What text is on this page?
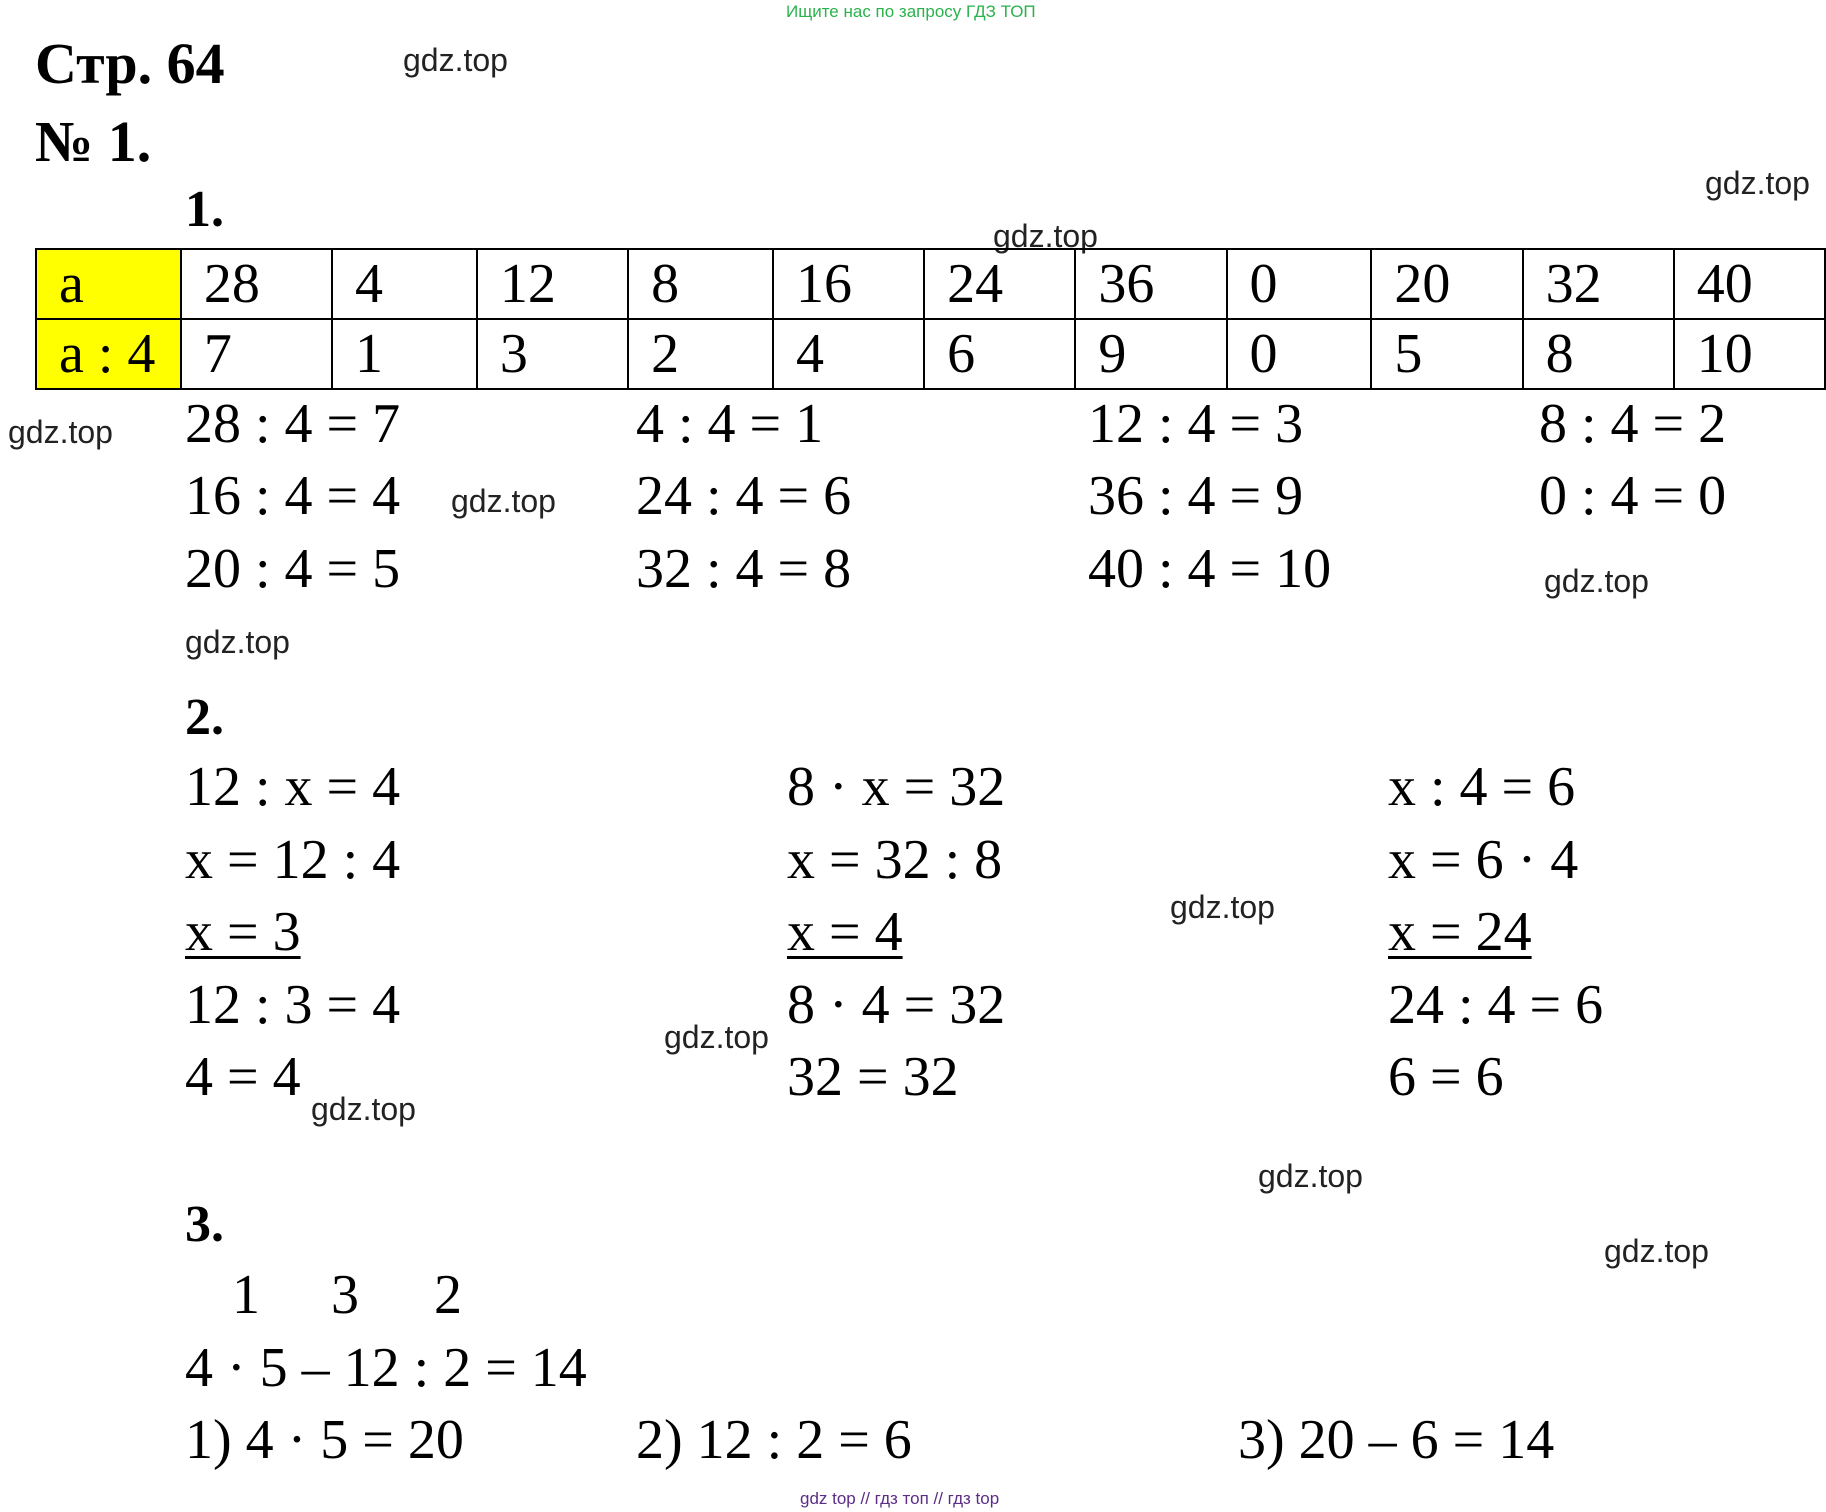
Ищите нас по запросу ГДЗ ТОП
Стр. 64
№ 1.
gdz.top
gdz.top
gdz.top
gdz.top
gdz.top
gdz.top
gdz.top
gdz.top
gdz.top
gdz.top
gdz.top
gdz.top
1.
a	28	4	12	8	16	24	36	0	20	32	40
a : 4	7	1	3	2	4	6	9	0	5	8	10
28 : 4 = 7	4 : 4 = 1	12 : 4 = 3	8 : 4 = 2
16 : 4 = 4	24 : 4 = 6	36 : 4 = 9	0 : 4 = 0
20 : 4 = 5	32 : 4 = 8	40 : 4 = 10
2.
12 : x = 4
x = 12 : 4
x = 3
12 : 3 = 4
4 = 4
8 · x = 32
x = 32 : 8
x = 4
8 · 4 = 32
32 = 32
x : 4 = 6
x = 6 · 4
x = 24
24 : 4 = 6
6 = 6
3.
1 3 2
4 · 5 – 12 : 2 = 14
1) 4 · 5 = 20	2) 12 : 2 = 6	3) 20 – 6 = 14
gdz top // гдз топ // гдз top
